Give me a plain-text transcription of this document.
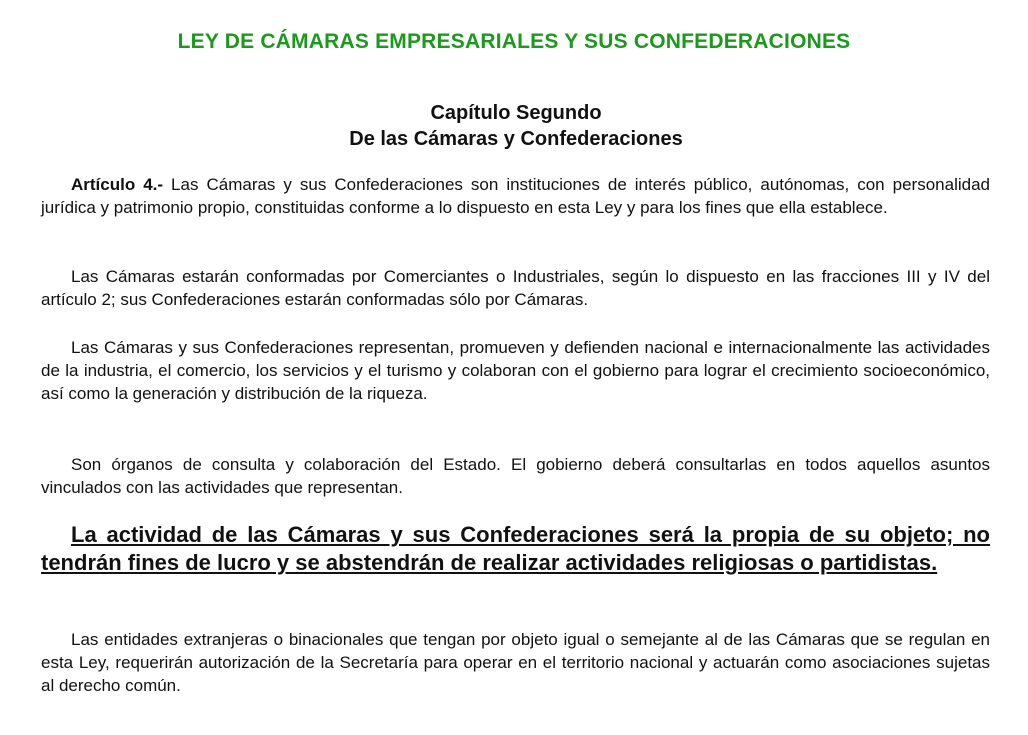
LEY DE CÁMARAS EMPRESARIALES Y SUS CONFEDERACIONES
Capítulo Segundo
De las Cámaras y Confederaciones

Artículo 4.- Las Cámaras y sus Confederaciones son instituciones de interés público, autónomas, con personalidad jurídica y patrimonio propio, constituidas conforme a lo dispuesto en esta Ley y para los fines que ella establece.

Las Cámaras estarán conformadas por Comerciantes o Industriales, según lo dispuesto en las fracciones III y IV del artículo 2; sus Confederaciones estarán conformadas sólo por Cámaras.

Las Cámaras y sus Confederaciones representan, promueven y defienden nacional e internacionalmente las actividades de la industria, el comercio, los servicios y el turismo y colaboran con el gobierno para lograr el crecimiento socioeconómico, así como la generación y distribución de la riqueza.

Son órganos de consulta y colaboración del Estado. El gobierno deberá consultarlas en todos aquellos asuntos vinculados con las actividades que representan.

La actividad de las Cámaras y sus Confederaciones será la propia de su objeto; no tendrán fines de lucro y se abstendrán de realizar actividades religiosas o partidistas.

Las entidades extranjeras o binacionales que tengan por objeto igual o semejante al de las Cámaras que se regulan en esta Ley, requerirán autorización de la Secretaría para operar en el territorio nacional y actuarán como asociaciones sujetas al derecho común.
